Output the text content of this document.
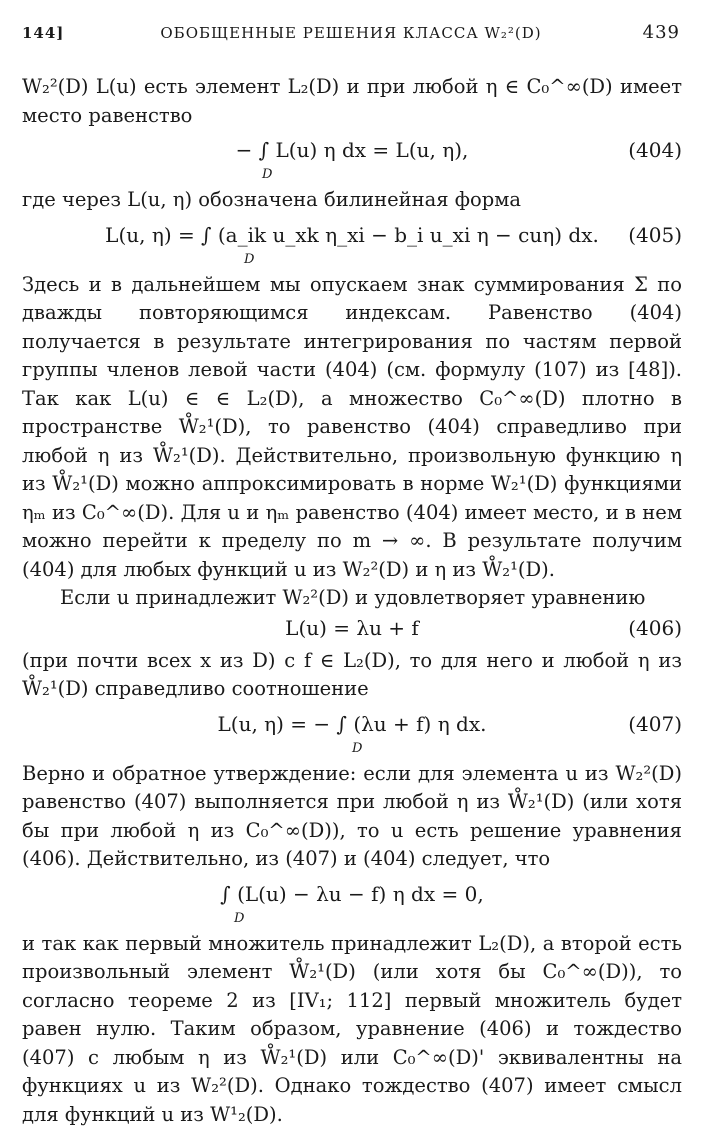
144]	ОБОБЩЕННЫЕ РЕШЕНИЯ КЛАССА W₂²(D)	439

W₂²(D) L(u) есть элемент L₂(D) и при любой η ∈ C₀^∞(D) имеет место равенство

− ∫ L(u) η dx = L(u, η),
D
(404)

где через L(u, η) обозначена билинейная форма

L(u, η) = ∫ (a_ik u_xk η_xi − b_i u_xi η − cuη) dx.
D
(405)

Здесь и в дальнейшем мы опускаем знак суммирования Σ по дважды повторяющимся индексам. Равенство (404) получается в результате интегрирования по частям первой группы членов левой части (404) (см. формулу (107) из [48]). Так как L(u) ∈ ∈ L₂(D), а множество C₀^∞(D) плотно в пространстве W̊₂¹(D), то равенство (404) справедливо при любой η из W̊₂¹(D). Действительно, произвольную функцию η из W̊₂¹(D) можно аппроксимировать в норме W₂¹(D) функциями ηₘ из C₀^∞(D). Для u и ηₘ равенство (404) имеет место, и в нем можно перейти к пределу по m → ∞. В результате получим (404) для любых функций u из W₂²(D) и η из W̊₂¹(D).

Если u принадлежит W₂²(D) и удовлетворяет уравнению

L(u) = λu + f	(406)

(при почти всех x из D) с f ∈ L₂(D), то для него и любой η из W̊₂¹(D) справедливо соотношение

L(u, η) = − ∫ (λu + f) η dx.
D
(407)

Верно и обратное утверждение: если для элемента u из W₂²(D) равенство (407) выполняется при любой η из W̊₂¹(D) (или хотя бы при любой η из C₀^∞(D)), то u есть решение уравнения (406). Действительно, из (407) и (404) следует, что

∫ (L(u) − λu − f) η dx = 0,
D

и так как первый множитель принадлежит L₂(D), а второй есть произвольный элемент W̊₂¹(D) (или хотя бы C₀^∞(D)), то согласно теореме 2 из [IV₁; 112] первый множитель будет равен нулю. Таким образом, уравнение (406) и тождество (407) с любым η из W̊₂¹(D) или C₀^∞(D)' эквивалентны на функциях u из W₂²(D). Однако тождество (407) имеет смысл для функций u из W¹₂(D).
